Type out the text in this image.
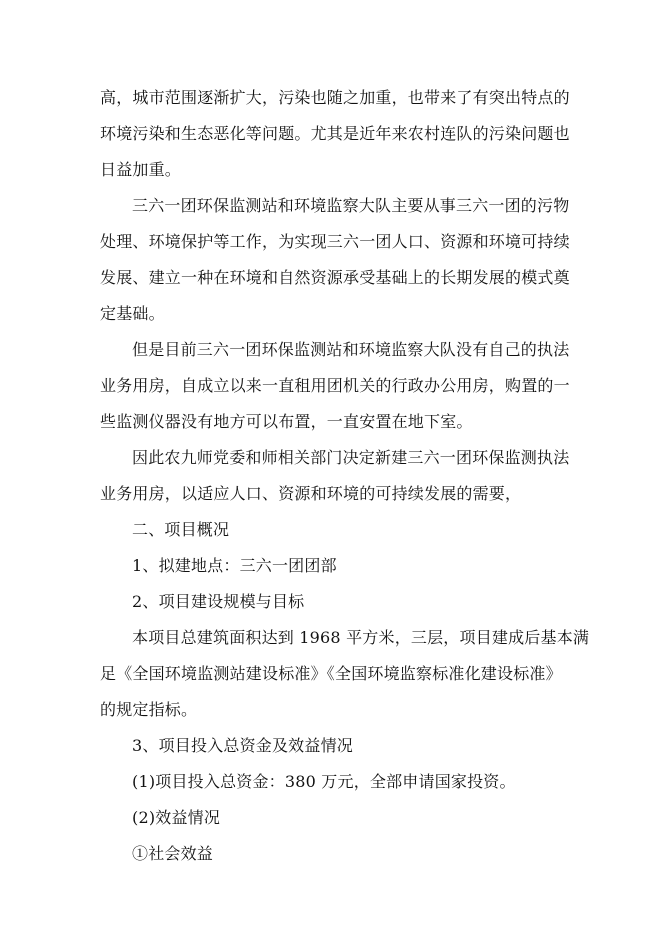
高，城市范围逐渐扩大，污染也随之加重，也带来了有突出特点的
环境污染和生态恶化等问题。尤其是近年来农村连队的污染问题也
日益加重。
三六一团环保监测站和环境监察大队主要从事三六一团的污物
处理、环境保护等工作，为实现三六一团人口、资源和环境可持续
发展、建立一种在环境和自然资源承受基础上的长期发展的模式奠
定基础。
但是目前三六一团环保监测站和环境监察大队没有自己的执法
业务用房，自成立以来一直租用团机关的行政办公用房，购置的一
些监测仪器没有地方可以布置，一直安置在地下室。
因此农九师党委和师相关部门决定新建三六一团环保监测执法
业务用房，以适应人口、资源和环境的可持续发展的需要，
二、项目概况
1、拟建地点：三六一团团部
2、项目建设规模与目标
本项目总建筑面积达到 1968 平方米，三层，项目建成后基本满
足《全国环境监测站建设标准》《全国环境监察标准化建设标准》
的规定指标。
3、项目投入总资金及效益情况
(1)项目投入总资金：380 万元，全部申请国家投资。
(2)效益情况
①社会效益
